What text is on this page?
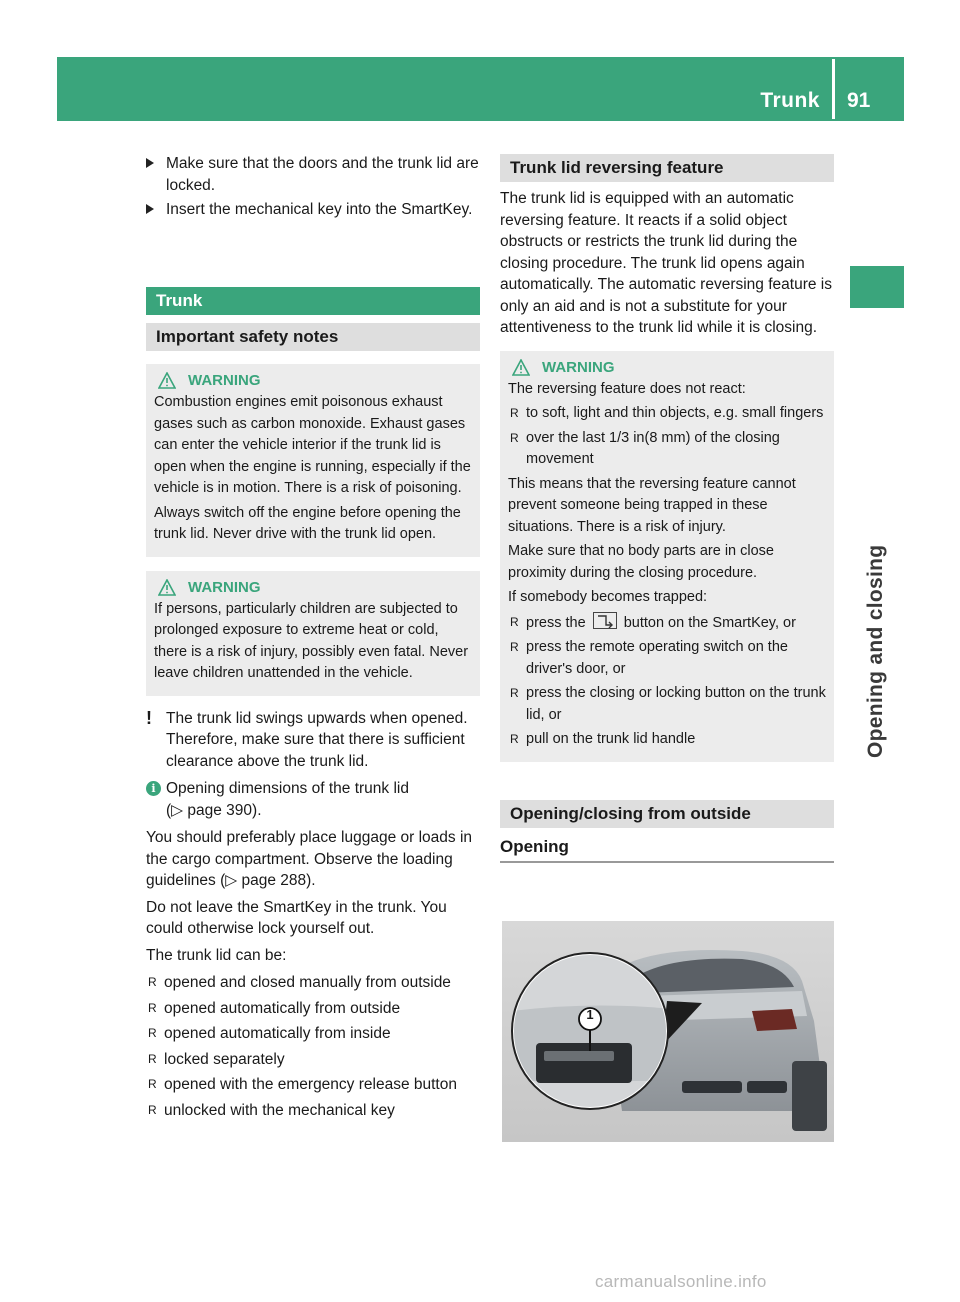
Trunk 91
Opening and closing
Make sure that the doors and the trunk lid are locked.
Insert the mechanical key into the SmartKey.
Trunk
Important safety notes
WARNING

Combustion engines emit poisonous exhaust gases such as carbon monoxide. Exhaust gases can enter the vehicle interior if the trunk lid is open when the engine is running, especially if the vehicle is in motion. There is a risk of poisoning.

Always switch off the engine before opening the trunk lid. Never drive with the trunk lid open.

WARNING

If persons, particularly children are subjected to prolonged exposure to extreme heat or cold, there is a risk of injury, possibly even fatal. Never leave children unattended in the vehicle.

! The trunk lid swings upwards when opened. Therefore, make sure that there is sufficient clearance above the trunk lid.
i Opening dimensions of the trunk lid
(▷ page 390).

You should preferably place luggage or loads in the cargo compartment. Observe the loading guidelines (▷ page 288).

Do not leave the SmartKey in the trunk. You could otherwise lock yourself out.

The trunk lid can be:

R opened and closed manually from outside
R opened automatically from outside
R opened automatically from inside
R locked separately
R opened with the emergency release button
R unlocked with the mechanical key
Trunk lid reversing feature

The trunk lid is equipped with an automatic reversing feature. It reacts if a solid object obstructs or restricts the trunk lid during the closing procedure. The trunk lid opens again automatically. The automatic reversing feature is only an aid and is not a substitute for your attentiveness to the trunk lid while it is closing.

WARNING

The reversing feature does not react:

R to soft, light and thin objects, e.g. small fingers
R over the last 1/3 in(8 mm) of the closing movement

This means that the reversing feature cannot prevent someone being trapped in these situations. There is a risk of injury.

Make sure that no body parts are in close proximity during the closing procedure.

If somebody becomes trapped:

R press the	button on the SmartKey, or
R press the remote operating switch on the driver's door, or
R press the closing or locking button on the trunk lid, or
R pull on the trunk lid handle
Opening/closing from outside
Opening
1
carmanualsonline.info
